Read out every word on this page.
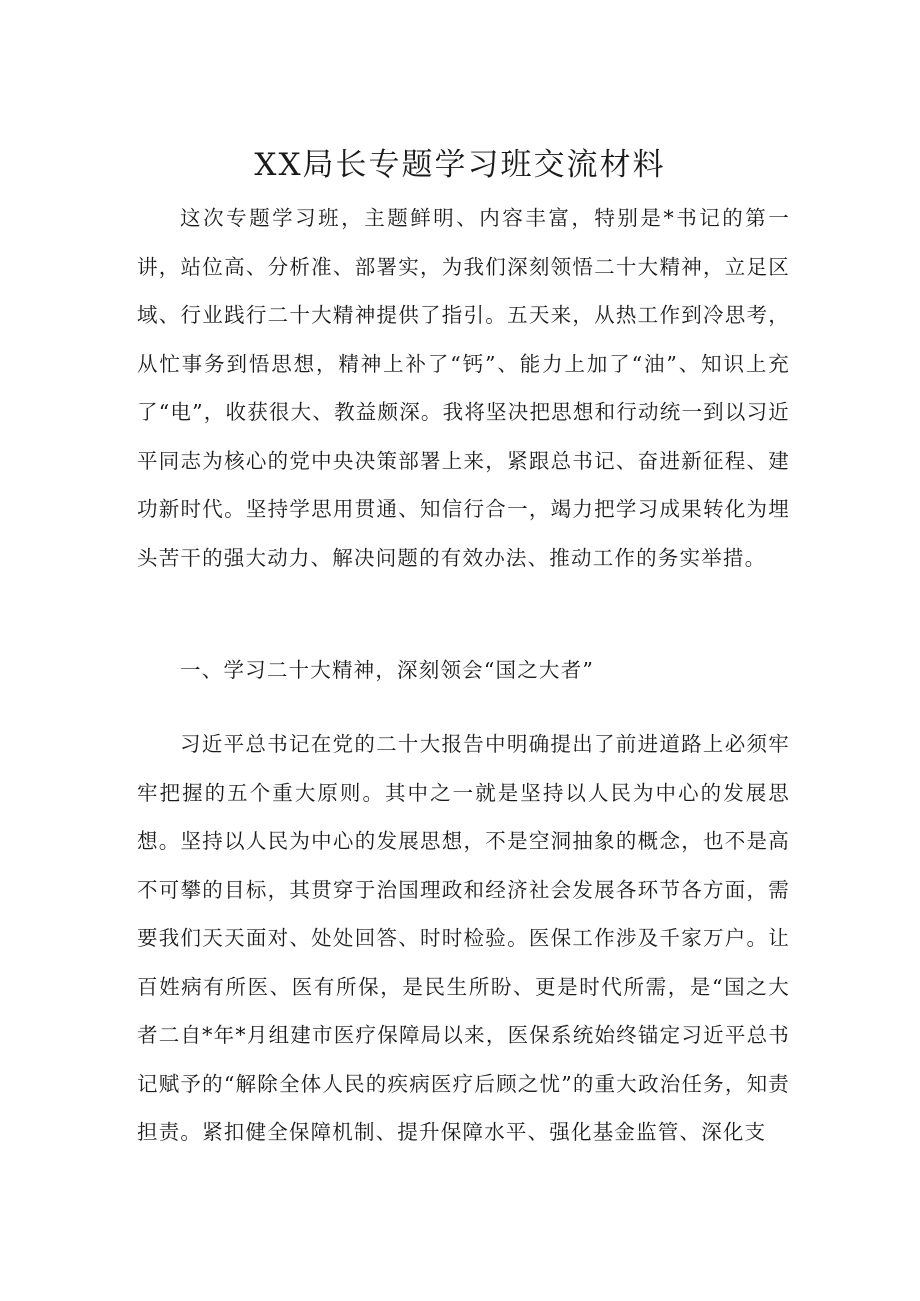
XX局长专题学习班交流材料

这次专题学习班，主题鲜明、内容丰富，特别是*书记的第一讲，站位高、分析准、部署实，为我们深刻领悟二十大精神，立足区域、行业践行二十大精神提供了指引。五天来，从热工作到冷思考，从忙事务到悟思想，精神上补了“钙”、能力上加了“油”、知识上充了“电”，收获很大、教益颇深。我将坚决把思想和行动统一到以习近平同志为核心的党中央决策部署上来，紧跟总书记、奋进新征程、建功新时代。坚持学思用贯通、知信行合一，竭力把学习成果转化为埋头苦干的强大动力、解决问题的有效办法、推动工作的务实举措。

一、学习二十大精神，深刻领会“国之大者”

习近平总书记在党的二十大报告中明确提出了前进道路上必须牢牢把握的五个重大原则。其中之一就是坚持以人民为中心的发展思想。坚持以人民为中心的发展思想，不是空洞抽象的概念，也不是高不可攀的目标，其贯穿于治国理政和经济社会发展各环节各方面，需要我们天天面对、处处回答、时时检验。医保工作涉及千家万户。让百姓病有所医、医有所保，是民生所盼、更是时代所需，是“国之大者二自*年*月组建市医疗保障局以来，医保系统始终锚定习近平总书记赋予的“解除全体人民的疾病医疗后顾之忧”的重大政治任务，知责担责。紧扣健全保障机制、提升保障水平、强化基金监管、深化支
